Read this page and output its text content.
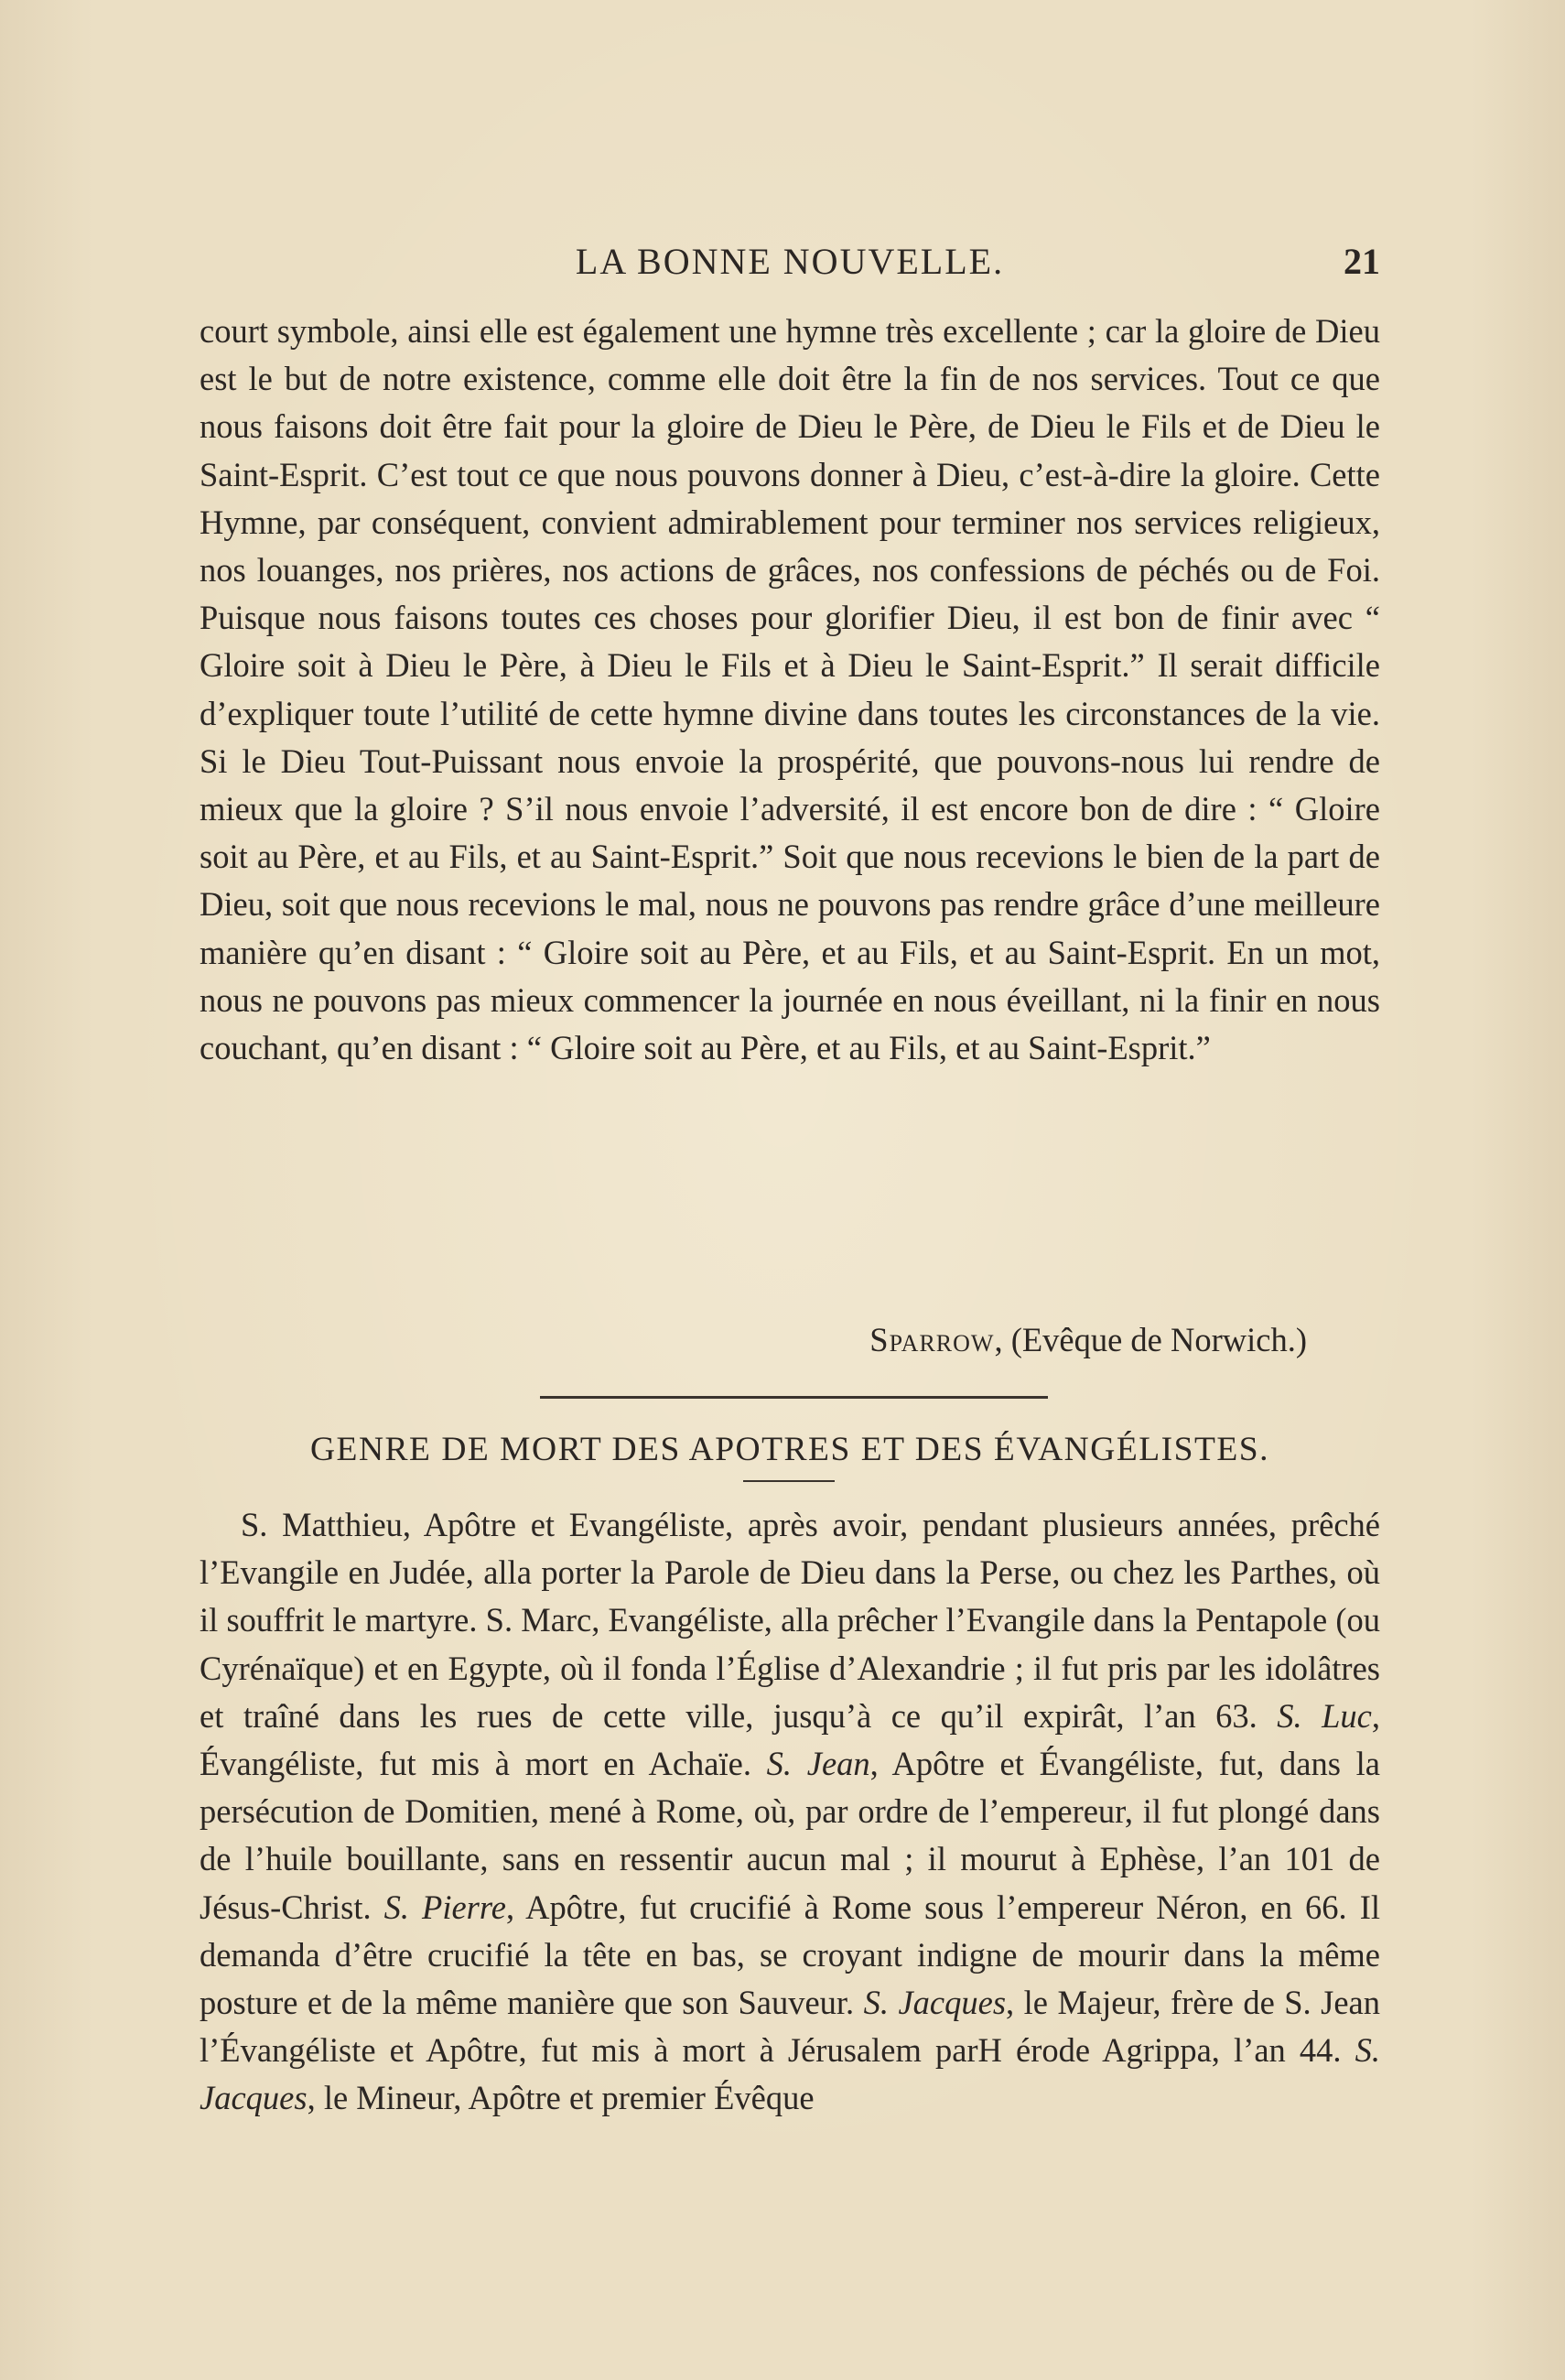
LA BONNE NOUVELLE.	21

court symbole, ainsi elle est également une hymne très excellente ; car la gloire de Dieu est le but de notre existence, comme elle doit être la fin de nos services. Tout ce que nous faisons doit être fait pour la gloire de Dieu le Père, de Dieu le Fils et de Dieu le Saint-Esprit. C’est tout ce que nous pouvons donner à Dieu, c’est-à-dire la gloire. Cette Hymne, par conséquent, convient admirablement pour terminer nos services religieux, nos louanges, nos prières, nos actions de grâces, nos confessions de péchés ou de Foi. Puisque nous faisons toutes ces choses pour glorifier Dieu, il est bon de finir avec “ Gloire soit à Dieu le Père, à Dieu le Fils et à Dieu le Saint-Esprit.” Il serait difficile d’expliquer toute l’utilité de cette hymne divine dans toutes les circonstances de la vie. Si le Dieu Tout-Puissant nous envoie la prospérité, que pouvons-nous lui rendre de mieux que la gloire ? S’il nous envoie l’adversité, il est encore bon de dire : “ Gloire soit au Père, et au Fils, et au Saint-Esprit.” Soit que nous recevions le bien de la part de Dieu, soit que nous recevions le mal, nous ne pouvons pas rendre grâce d’une meilleure manière qu’en disant : “ Gloire soit au Père, et au Fils, et au Saint-Esprit. En un mot, nous ne pouvons pas mieux commencer la journée en nous éveillant, ni la finir en nous couchant, qu’en disant : “ Gloire soit au Père, et au Fils, et au Saint-Esprit.”

Sparrow, (Evêque de Norwich.)
GENRE DE MORT DES APOTRES ET DES ÉVANGÉLISTES.

S. Matthieu, Apôtre et Evangéliste, après avoir, pendant plusieurs années, prêché l’Evangile en Judée, alla porter la Parole de Dieu dans la Perse, ou chez les Parthes, où il souffrit le martyre. S. Marc, Evangéliste, alla prêcher l’Evangile dans la Pentapole (ou Cyrénaïque) et en Egypte, où il fonda l’Église d’Alexandrie ; il fut pris par les idolâtres et traîné dans les rues de cette ville, jusqu’à ce qu’il expirât, l’an 63. S. Luc, Évangéliste, fut mis à mort en Achaïe. S. Jean, Apôtre et Évangéliste, fut, dans la persécution de Domitien, mené à Rome, où, par ordre de l’empereur, il fut plongé dans de l’huile bouillante, sans en ressentir aucun mal ; il mourut à Ephèse, l’an 101 de Jésus-Christ. S. Pierre, Apôtre, fut crucifié à Rome sous l’empereur Néron, en 66. Il demanda d’être crucifié la tête en bas, se croyant indigne de mourir dans la même posture et de la même manière que son Sauveur. S. Jacques, le Majeur, frère de S. Jean l’Évangéliste et Apôtre, fut mis à mort à Jérusalem parH érode Agrippa, l’an 44. S. Jacques, le Mineur, Apôtre et premier Évêque
